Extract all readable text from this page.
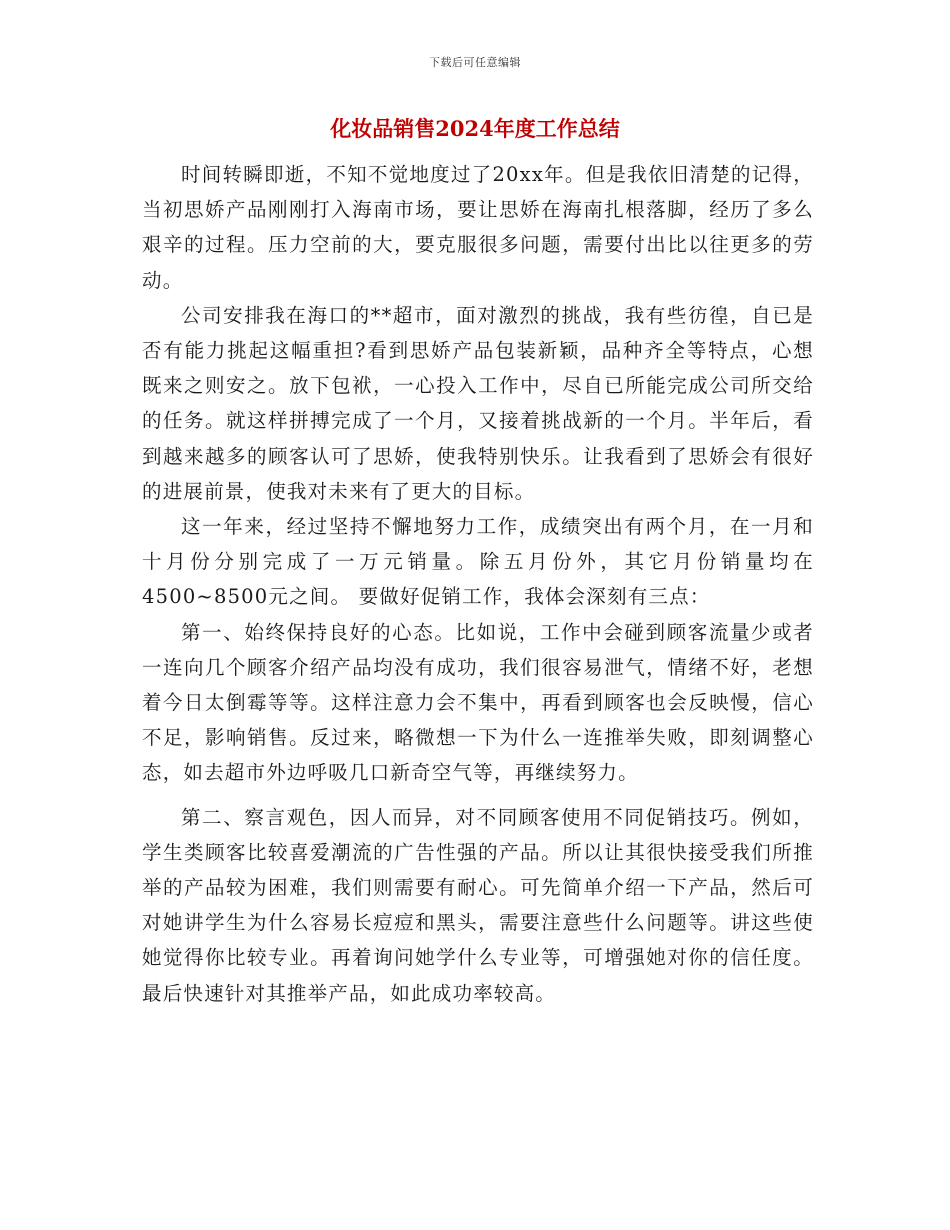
下载后可任意编辑
化妆品销售2024年度工作总结

时间转瞬即逝，不知不觉地度过了20xx年。但是我依旧清楚的记得，当初思娇产品刚刚打入海南市场，要让思娇在海南扎根落脚，经历了多么艰辛的过程。压力空前的大，要克服很多问题，需要付出比以往更多的劳动。

公司安排我在海口的**超市，面对激烈的挑战，我有些彷徨，自已是否有能力挑起这幅重担?看到思娇产品包装新颖，品种齐全等特点，心想既来之则安之。放下包袱，一心投入工作中，尽自已所能完成公司所交给的任务。就这样拼搏完成了一个月，又接着挑战新的一个月。半年后，看到越来越多的顾客认可了思娇，使我特别快乐。让我看到了思娇会有很好的进展前景，使我对未来有了更大的目标。

这一年来，经过坚持不懈地努力工作，成绩突出有两个月，在一月和十月份分别完成了一万元销量。除五月份外，其它月份销量均在4500~8500元之间。 要做好促销工作，我体会深刻有三点：

第一、始终保持良好的心态。比如说，工作中会碰到顾客流量少或者一连向几个顾客介绍产品均没有成功，我们很容易泄气，情绪不好，老想着今日太倒霉等等。这样注意力会不集中，再看到顾客也会反映慢，信心不足，影响销售。反过来，略微想一下为什么一连推举失败，即刻调整心态，如去超市外边呼吸几口新奇空气等，再继续努力。

第二、察言观色，因人而异，对不同顾客使用不同促销技巧。例如，学生类顾客比较喜爱潮流的广告性强的产品。所以让其很快接受我们所推举的产品较为困难，我们则需要有耐心。可先简单介绍一下产品，然后可对她讲学生为什么容易长痘痘和黑头，需要注意些什么问题等。讲这些使她觉得你比较专业。再着询问她学什么专业等，可增强她对你的信任度。最后快速针对其推举产品，如此成功率较高。
